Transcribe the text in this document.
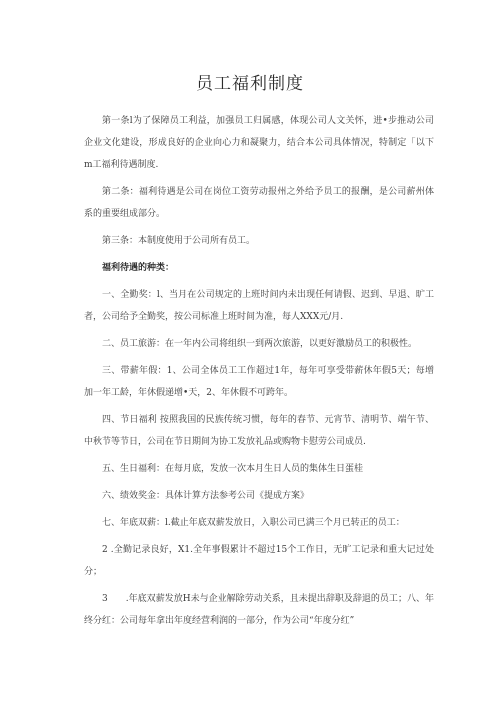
员工福利制度

第一条l为了保障员工利益，加强员工归属感，体现公司人文关怀，进•步推动公司企业文化建设，形成良好的企业向心力和凝聚力，结合本公司具体情况，特制定「以下m工福利待遇制度.

第二条：福利待遇是公司在岗位工资劳动报州之外给予员工的报酬，是公司薪州体系的重要组成部分。

第三条：本制度使用于公司所有员工。

福利待遇的种类：

一、全勤奖：l、当月在公司规定的上班时间内未出现任何请假、迟到、早退、旷工者，公司给予全勤奖，按公司标准上班时间为准，每人XXX元/月.

二、员工旅游：在一年内公司将组织一到两次旅游，以更好激励员工的积极性。

三、带薪年假：1、公司全体员工工作超过1年，每年可享受带薪休年假5天；每增加一年工龄，年休假递增•天，2、年休假不可跨年。

四、节日福利 按照我国的民族传统习惯，每年的春节、元宵节、清明节、端午节、中秋节等节日，公司在节日期间为协工发放礼品或购物卡慰劳公司成员.

五、生日福利：在每月底，发放一次本月生日人员的集体生日蛋桂

六、绩效奖金：具体计算方法参考公司《提成方案》

七、年底双薪：l.截止年底双薪发放日，入职公司已满三个月已转正的员工：

2 .全勤记录良好，X1.全年事假累计不超过15个工作日，无旷工记录和重大记过处分；

3　　.年底双薪发放H未与企业解除劳动关系，且未提出辞职及辞退的员工；八、年终分红：公司每年拿出年度经营利润的一部分，作为公司“年度分红”
